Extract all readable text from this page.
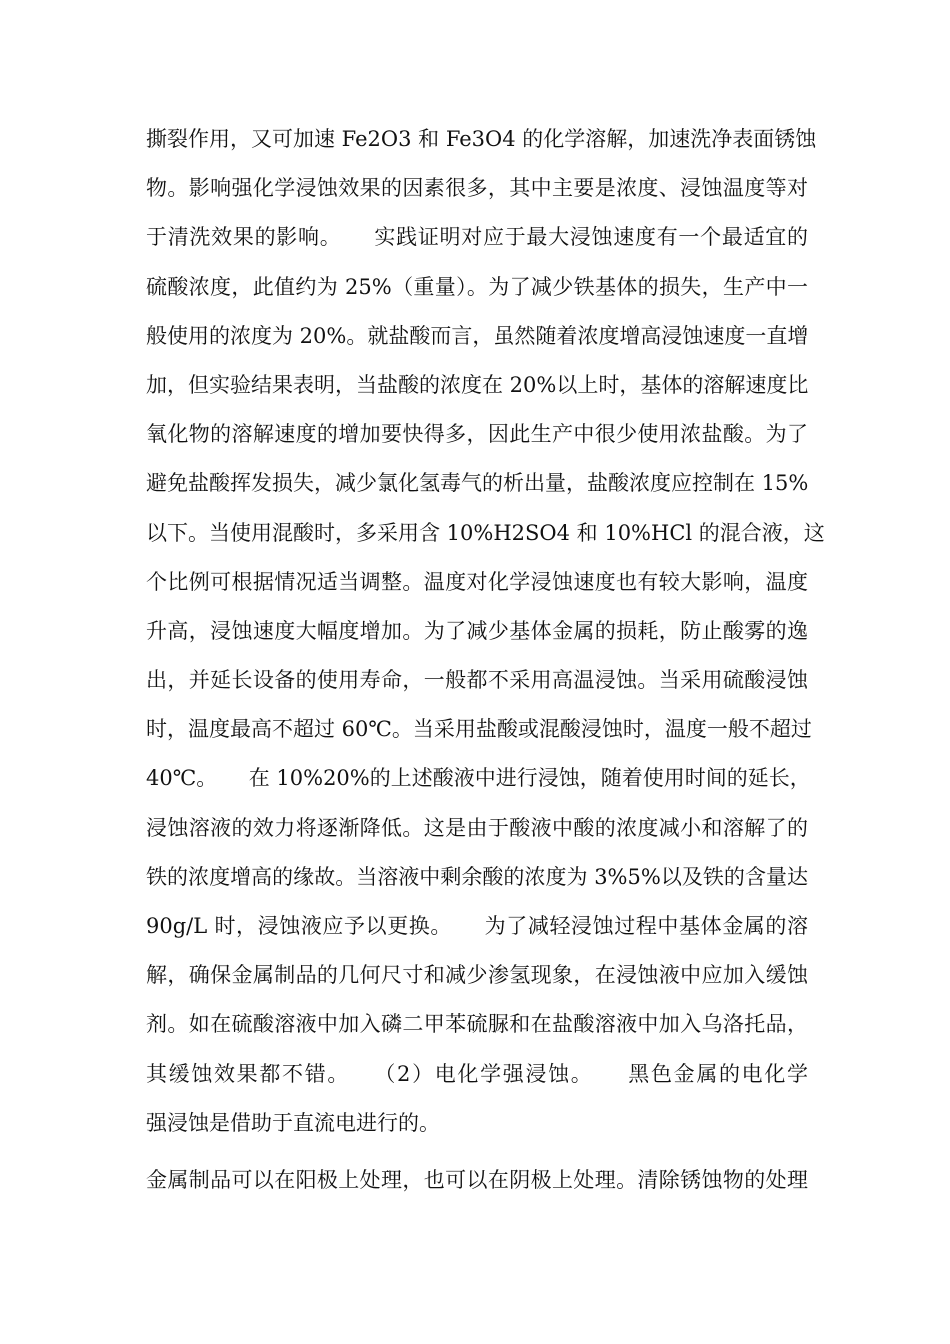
撕裂作用，又可加速 Fe2O3 和 Fe3O4 的化学溶解，加速洗净表面锈蚀
物。影响强化学浸蚀效果的因素很多，其中主要是浓度、浸蚀温度等对
于清洗效果的影响。　　实践证明对应于最大浸蚀速度有一个最适宜的
硫酸浓度，此值约为 25%（重量）。为了减少铁基体的损失，生产中一
般使用的浓度为 20%。就盐酸而言，虽然随着浓度增高浸蚀速度一直增
加，但实验结果表明，当盐酸的浓度在 20%以上时，基体的溶解速度比
氧化物的溶解速度的增加要快得多，因此生产中很少使用浓盐酸。为了
避免盐酸挥发损失，减少氯化氢毒气的析出量，盐酸浓度应控制在 15%
以下。当使用混酸时，多采用含 10%H2SO4 和 10%HCl 的混合液，这
个比例可根据情况适当调整。温度对化学浸蚀速度也有较大影响，温度
升高，浸蚀速度大幅度增加。为了减少基体金属的损耗，防止酸雾的逸
出，并延长设备的使用寿命，一般都不采用高温浸蚀。当采用硫酸浸蚀
时，温度最高不超过 60℃。当采用盐酸或混酸浸蚀时，温度一般不超过
40℃。　　在 10%20%的上述酸液中进行浸蚀，随着使用时间的延长，
浸蚀溶液的效力将逐渐降低。这是由于酸液中酸的浓度减小和溶解了的
铁的浓度增高的缘故。当溶液中剩余酸的浓度为 3%5%以及铁的含量达
90g/L 时，浸蚀液应予以更换。　　为了减轻浸蚀过程中基体金属的溶
解，确保金属制品的几何尺寸和减少渗氢现象，在浸蚀液中应加入缓蚀
剂。如在硫酸溶液中加入磷二甲苯硫脲和在盐酸溶液中加入乌洛托品，
其缓蚀效果都不错。　　（2）电化学强浸蚀。　　黑色金属的电化学
强浸蚀是借助于直流电进行的。
金属制品可以在阳极上处理，也可以在阴极上处理。清除锈蚀物的处理
